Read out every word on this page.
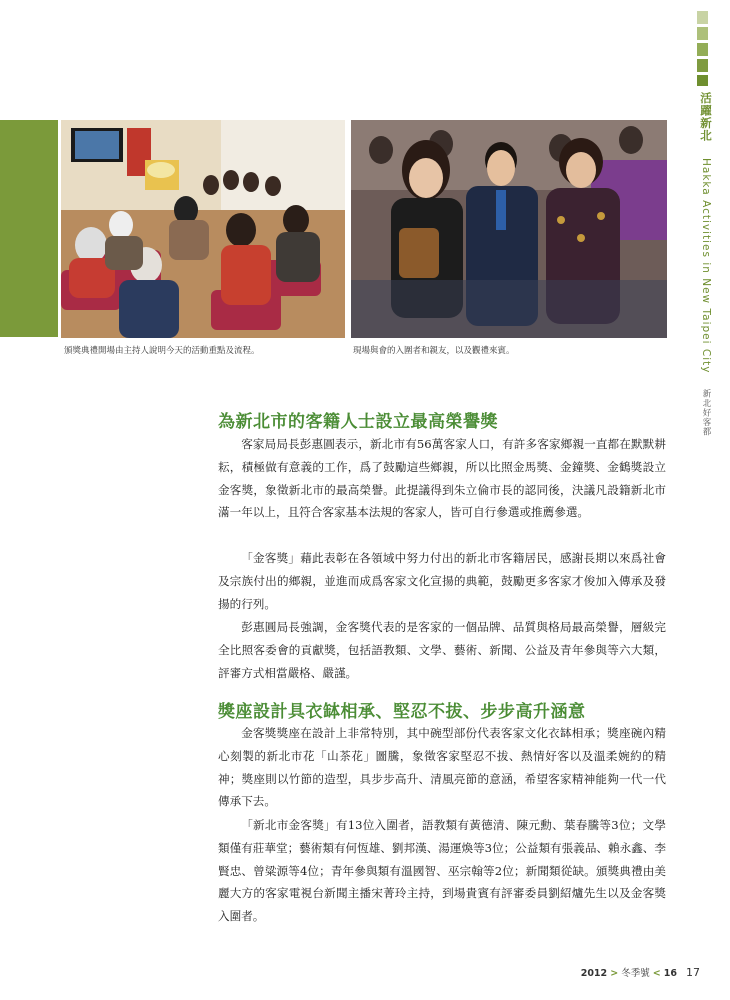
頒獎典禮開場由主持人說明今天的活動重點及流程。	現場與會的入圍者和親友，以及觀禮來賓。
活躍新北 Hakka Activities in New Taipei City 新北好客都
為新北市的客籍人士設立最高榮譽獎
客家局局長彭惠圓表示，新北市有56萬客家人口，有許多客家鄉親一直都在默默耕耘，積極做有意義的工作，爲了鼓勵這些鄉親，所以比照金馬獎、金鐘獎、金鶴獎設立金客獎，象徵新北市的最高榮譽。此提議得到朱立倫市長的認同後，決議凡設籍新北市滿一年以上，且符合客家基本法規的客家人，皆可自行參選或推薦參選。
「金客獎」藉此表彰在各領域中努力付出的新北市客籍居民，感謝長期以來爲社會及宗族付出的鄉親，並進而成爲客家文化宣揚的典範，鼓勵更多客家才俊加入傳承及發揚的行列。
彭惠圓局長強調，金客獎代表的是客家的一個品牌、品質與格局最高榮譽，層級完全比照客委會的貢獻獎，包括語教類、文學、藝術、新聞、公益及青年參與等六大類，評審方式相當嚴格、嚴謹。
獎座設計具衣缽相承、堅忍不拔、步步高升涵意
金客獎獎座在設計上非常特別，其中碗型部份代表客家文化衣缽相承；獎座碗內精心刻製的新北市花「山茶花」圖騰，象徵客家堅忍不拔、熱情好客以及溫柔婉約的精神；獎座則以竹節的造型，具步步高升、清風亮節的意涵，希望客家精神能夠一代一代傳承下去。
「新北市金客獎」有13位入圍者，語教類有黃德清、陳元勳、葉春騰等3位；文學類僅有莊華堂；藝術類有何恆雄、劉邦漢、湯運煥等3位；公益類有張義品、賴永鑫、李賢忠、曾粱源等4位；青年參與類有溫國智、巫宗翰等2位；新聞類從缺。頒獎典禮由美麗大方的客家電視台新聞主播宋菁玲主持，到場貴賓有評審委員劉紹爐先生以及金客獎入圍者。
2012 > 冬季號 < 16 17
